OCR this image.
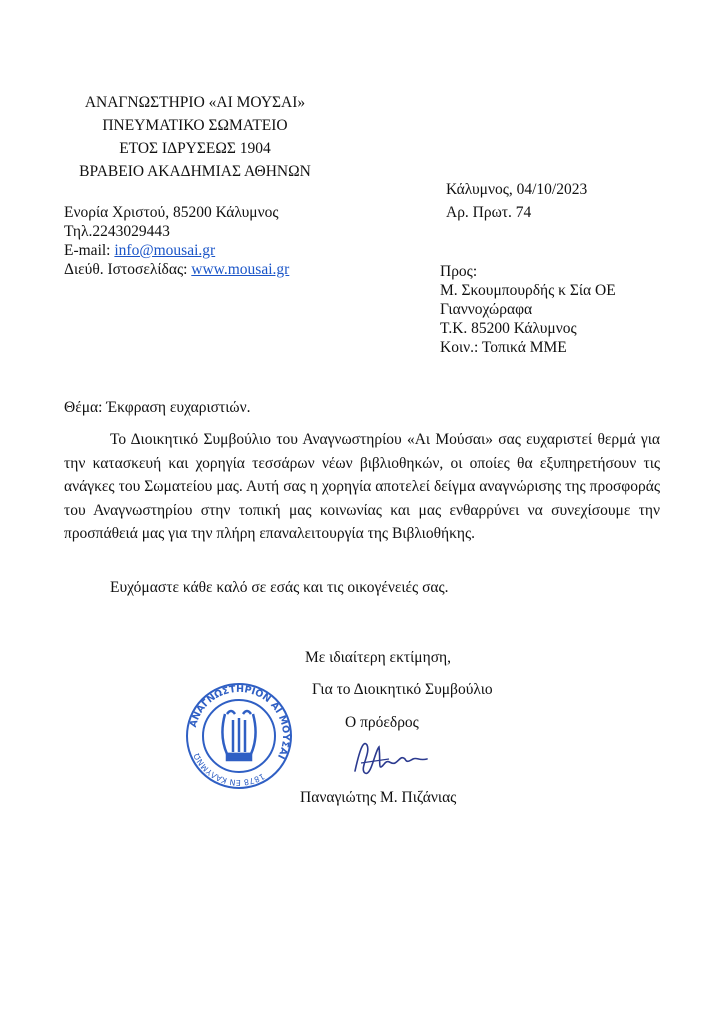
ΑΝΑΓΝΩΣΤΗΡΙΟ «ΑΙ ΜΟΥΣΑΙ»
ΠΝΕΥΜΑΤΙΚΟ ΣΩΜΑΤΕΙΟ
ΕΤΟΣ ΙΔΡΥΣΕΩΣ 1904
ΒΡΑΒΕΙΟ ΑΚΑΔΗΜΙΑΣ ΑΘΗΝΩΝ
Ενορία Χριστού, 85200 Κάλυμνος
Τηλ.2243029443
E-mail: info@mousai.gr
Διεύθ. Ιστοσελίδας: www.mousai.gr
Κάλυμνος, 04/10/2023
Αρ. Πρωτ. 74
Προς:
Μ. Σκουμπουρδής κ Σία ΟΕ
Γιαννοχώραφα
Τ.Κ. 85200 Κάλυμνος
Κοιν.: Τοπικά ΜΜΕ
Θέμα: Έκφραση ευχαριστιών.
Το Διοικητικό Συμβούλιο του Αναγνωστηρίου «Αι Μούσαι» σας ευχαριστεί θερμά για την κατασκευή και χορηγία τεσσάρων νέων βιβλιοθηκών, οι οποίες θα εξυπηρετήσουν τις ανάγκες του Σωματείου μας. Αυτή σας η χορηγία αποτελεί δείγμα αναγνώρισης της προσφοράς του Αναγνωστηρίου στην τοπική μας κοινωνίας και μας ενθαρρύνει να συνεχίσουμε την προσπάθειά μας για την πλήρη επαναλειτουργία της Βιβλιοθήκης.
Ευχόμαστε κάθε καλό σε εσάς και τις οικογένειές σας.
Με ιδιαίτερη εκτίμηση,
Για το Διοικητικό Συμβούλιο
Ο πρόεδρος
Παναγιώτης Μ. Πιζάνιας
ΑΝΑΓΝΩΣΤΗΡΙΟΝ ΑΙ ΜΟΥΣΑΙ
1878 ΕΝ ΚΑΛΥΜΝΩ
